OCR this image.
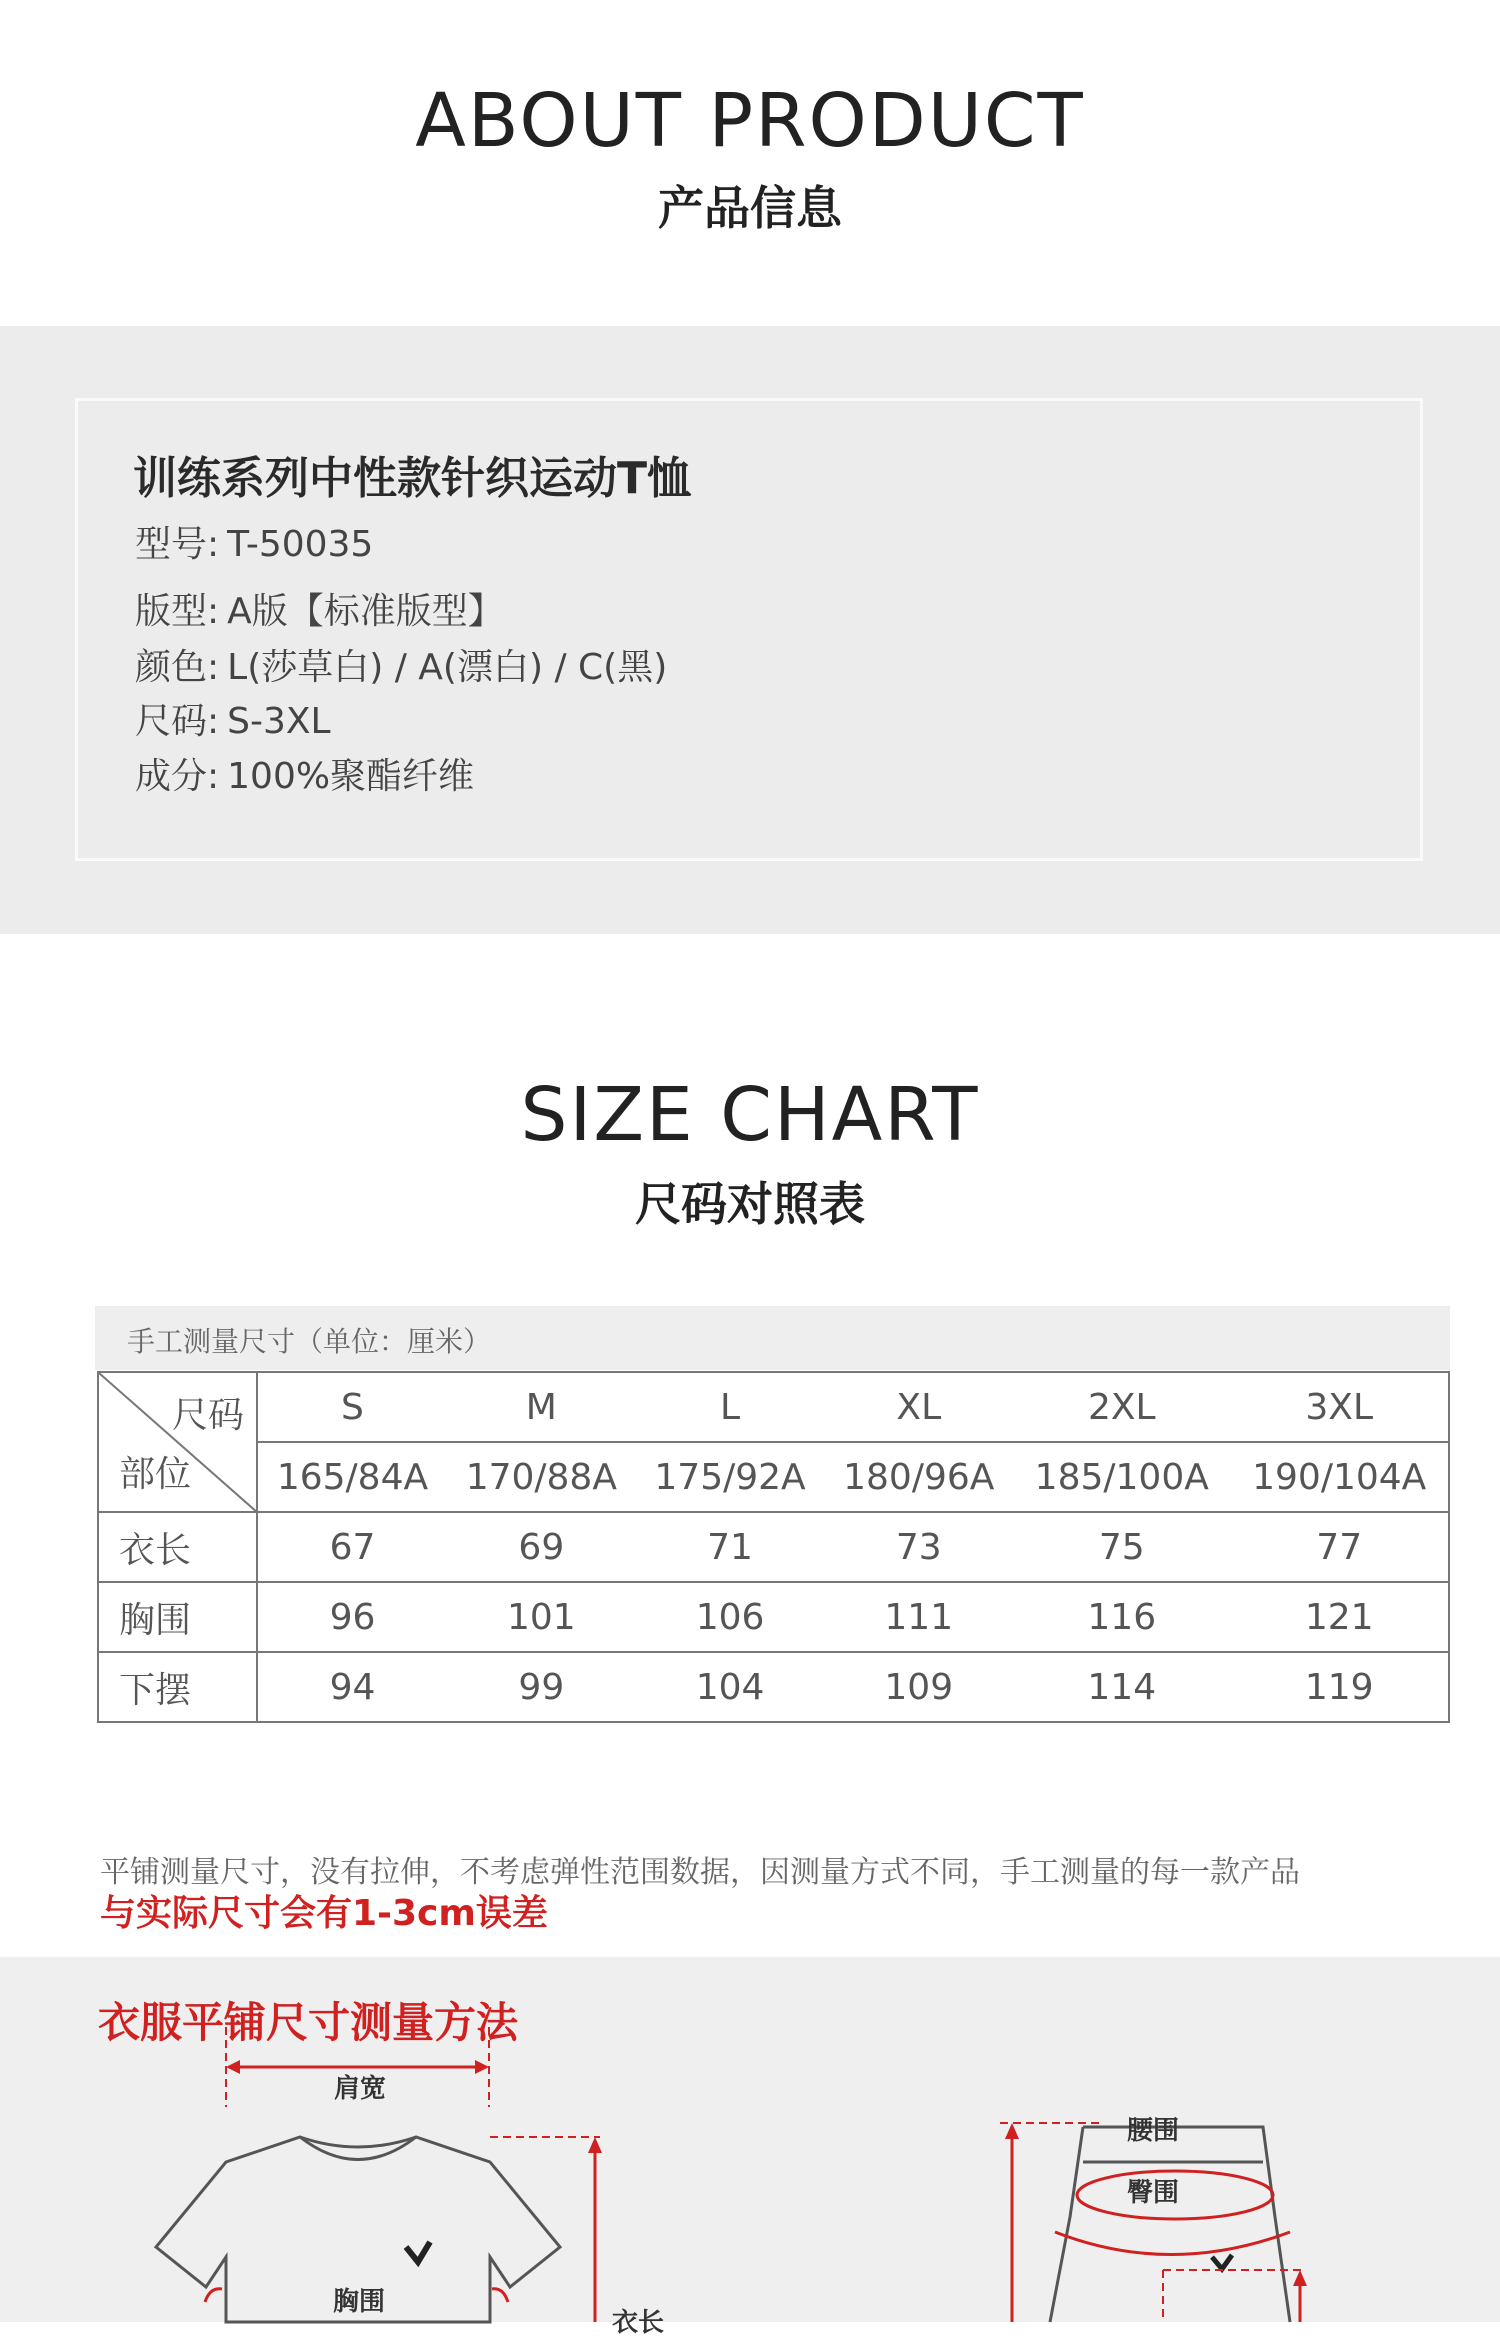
ABOUT PRODUCT
产品信息
训练系列中性款针织运动T恤
型号: T-50035
版型: A版【标准版型】
颜色: L(莎草白) / A(漂白) / C(黑)
尺码: S-3XL
成分: 100%聚酯纤维
SIZE CHART
尺码对照表
手工测量尺寸（单位：厘米）
尺码
部位	S	M	L	XL	2XL	3XL
	165/84A	170/88A	175/92A	180/96A	185/100A	190/104A
衣长	67	69	71	73	75	77
胸围	96	101	106	111	116	121
下摆	94	99	104	109	114	119
平铺测量尺寸，没有拉伸，不考虑弹性范围数据，因测量方式不同，手工测量的每一款产品
与实际尺寸会有1-3cm误差
衣服平铺尺寸测量方法
肩宽
胸围
衣长
腰围
臀围
